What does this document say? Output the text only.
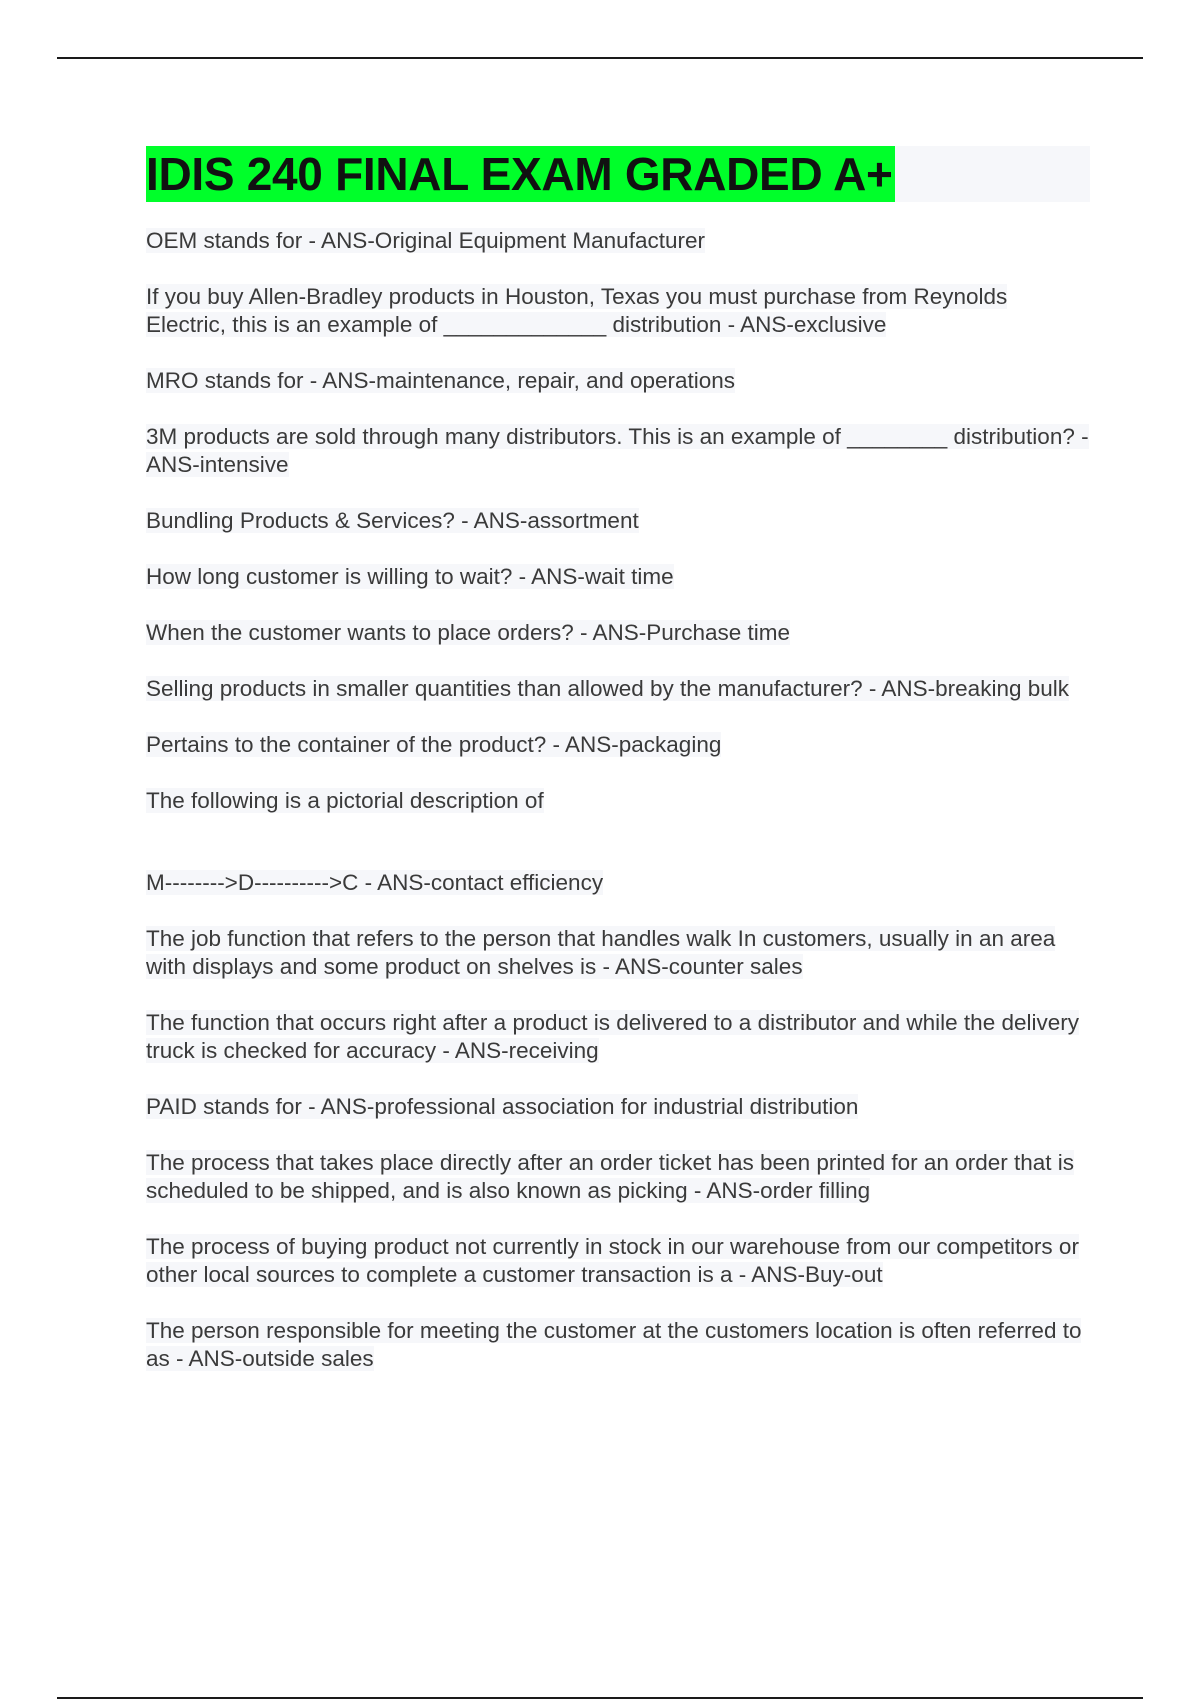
IDIS 240 FINAL EXAM GRADED A+

OEM stands for - ANS-Original Equipment Manufacturer

If you buy Allen-Bradley products in Houston, Texas you must purchase from Reynolds Electric, this is an example of _____________ distribution - ANS-exclusive

MRO stands for - ANS-maintenance, repair, and operations

3M products are sold through many distributors. This is an example of ________ distribution? - ANS-intensive

Bundling Products & Services? - ANS-assortment

How long customer is willing to wait? - ANS-wait time

When the customer wants to place orders? - ANS-Purchase time

Selling products in smaller quantities than allowed by the manufacturer? - ANS-breaking bulk

Pertains to the container of the product? - ANS-packaging

The following is a pictorial description of

M-------->D---------->C - ANS-contact efficiency

The job function that refers to the person that handles walk In customers, usually in an area with displays and some product on shelves is - ANS-counter sales

The function that occurs right after a product is delivered to a distributor and while the delivery truck is checked for accuracy - ANS-receiving

PAID stands for - ANS-professional association for industrial distribution

The process that takes place directly after an order ticket has been printed for an order that is scheduled to be shipped, and is also known as picking - ANS-order filling

The process of buying product not currently in stock in our warehouse from our competitors or other local sources to complete a customer transaction is a - ANS-Buy-out

The person responsible for meeting the customer at the customers location is often referred to as - ANS-outside sales
